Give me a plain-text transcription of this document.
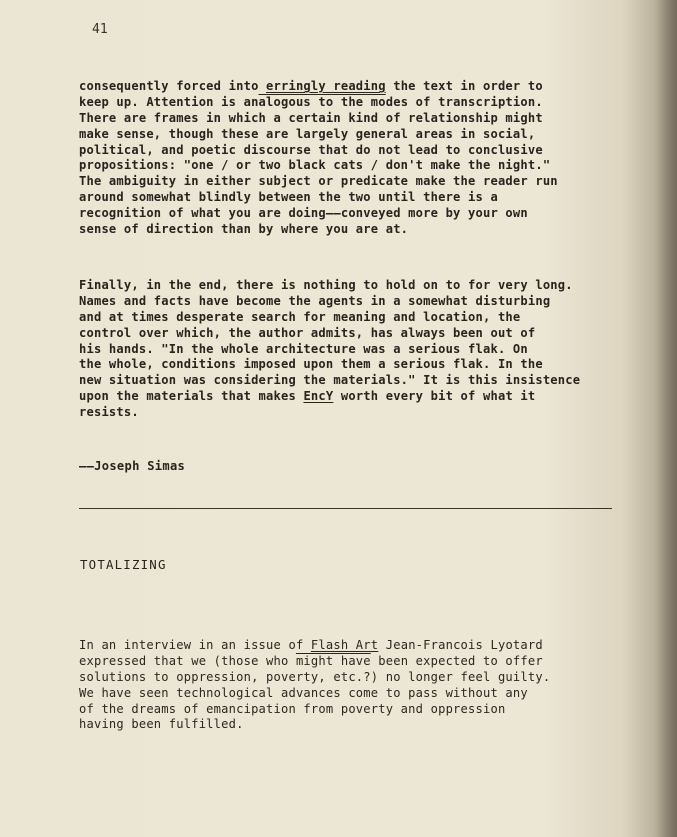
41
consequently forced into erringly reading the text in order to
keep up. Attention is analogous to the modes of transcription.
There are frames in which a certain kind of relationship might
make sense, though these are largely general areas in social,
political, and poetic discourse that do not lead to conclusive
propositions: "one / or two black cats / don't make the night."
The ambiguity in either subject or predicate make the reader run
around somewhat blindly between the two until there is a
recognition of what you are doing——conveyed more by your own
sense of direction than by where you are at.
Finally, in the end, there is nothing to hold on to for very long.
Names and facts have become the agents in a somewhat disturbing
and at times desperate search for meaning and location, the
control over which, the author admits, has always been out of
his hands. "In the whole architecture was a serious flak. On
the whole, conditions imposed upon them a serious flak. In the
new situation was considering the materials." It is this insistence
upon the materials that makes EncY worth every bit of what it
resists.
——Joseph Simas
TOTALIZING
In an interview in an issue of Flash Art Jean-Francois Lyotard
expressed that we (those who might have been expected to offer
solutions to oppression, poverty, etc.?) no longer feel guilty.
We have seen technological advances come to pass without any
of the dreams of emancipation from poverty and oppression
having been fulfilled.
